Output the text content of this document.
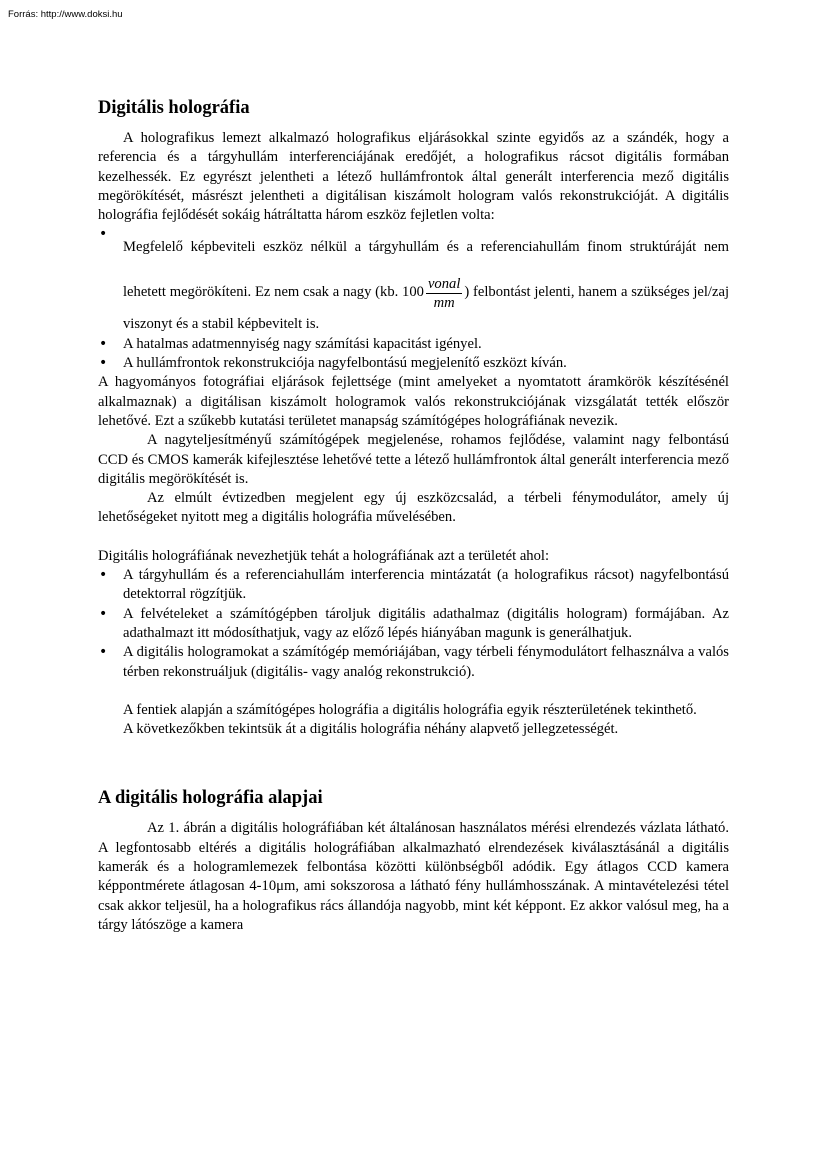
Forrás: http://www.doksi.hu
Digitális holográfia

A holografikus lemezt alkalmazó holografikus eljárásokkal szinte egyidős az a szándék, hogy a referencia és a tárgyhullám interferenciájának eredőjét, a holografikus rácsot digitális formában kezelhessék. Ez egyrészt jelentheti a létező hullámfrontok által generált interferencia mező digitális megörökítését, másrészt jelentheti a digitálisan kiszámolt hologram valós rekonstrukcióját. A digitális holográfia fejlődését sokáig hátráltatta három eszköz fejletlen volta:

• Megfelelő képbeviteli eszköz nélkül a tárgyhullám és a referenciahullám finom struktúráját nem lehetett megörökíteni. Ez nem csak a nagy (kb. $100 \frac{\text{vonal}}{mm}$ ) felbontást jelenti, hanem a szükséges jel/zaj viszonyt és a stabil képbevitelt is.
• A hatalmas adatmennyiség nagy számítási kapacitást igényel.
• A hullámfrontok rekonstrukciója nagyfelbontású megjelenítő eszközt kíván.

A hagyományos fotográfiai eljárások fejlettsége (mint amelyeket a nyomtatott áramkörök készítésénél alkalmaznak) a digitálisan kiszámolt hologramok valós rekonstrukciójának vizsgálatát tették először lehetővé. Ezt a szűkebb kutatási területet manapság számítógépes holográfiának nevezik.

A nagyteljesítményű számítógépek megjelenése, rohamos fejlődése, valamint nagy felbontású CCD és CMOS kamerák kifejlesztése lehetővé tette a létező hullámfrontok által generált interferencia mező digitális megörökítését is.

Az elmúlt évtizedben megjelent egy új eszközcsalád, a térbeli fénymodulátor, amely új lehetőségeket nyitott meg a digitális holográfia művelésében.

Digitális holográfiának nevezhetjük tehát a holográfiának azt a területét ahol:

• A tárgyhullám és a referenciahullám interferencia mintázatát (a holografikus rácsot) nagyfelbontású detektorral rögzítjük.
• A felvételeket a számítógépben tároljuk digitális adathalmaz (digitális hologram) formájában. Az adathalmazt itt módosíthatjuk, vagy az előző lépés hiányában magunk is generálhatjuk.
• A digitális hologramokat a számítógép memóriájában, vagy térbeli fénymodulátort felhasználva a valós térben rekonstruáljuk (digitális- vagy analóg rekonstrukció).

A fentiek alapján a számítógépes holográfia a digitális holográfia egyik részterületének tekinthető.

A következőkben tekintsük át a digitális holográfia néhány alapvető jellegzetességét.

A digitális holográfia alapjai

Az 1. ábrán a digitális holográfiában két általánosan használatos mérési elrendezés vázlata látható. A legfontosabb eltérés a digitális holográfiában alkalmazható elrendezések kiválasztásánál a digitális kamerák és a hologramlemezek felbontása közötti különbségből adódik. Egy átlagos CCD kamera képpontmérete átlagosan 4-10μm, ami sokszorosa a látható fény hullámhosszának. A mintavételezési tétel csak akkor teljesül, ha a holografikus rács állandója nagyobb, mint két képpont. Ez akkor valósul meg, ha a tárgy látószöge a kamera
